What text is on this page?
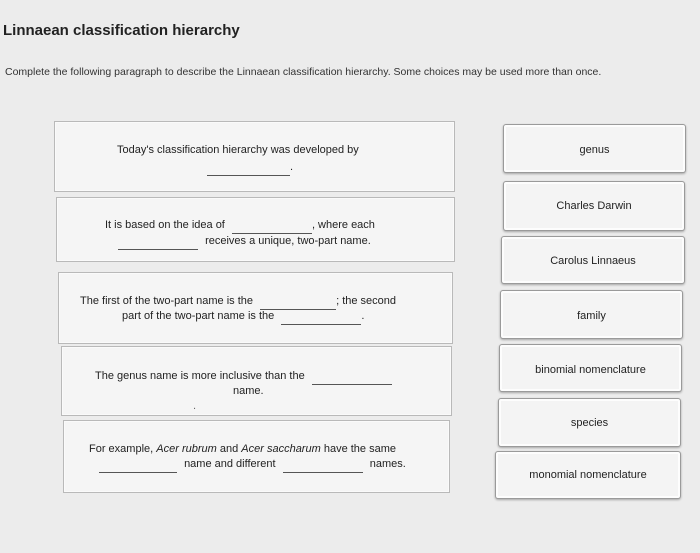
Linnaean classification hierarchy
Complete the following paragraph to describe the Linnaean classification hierarchy. Some choices may be used more than once.
Today's classification hierarchy was developed by
.
It is based on the idea of	, where each
receives a unique, two-part name.
The first of the two-part name is the	; the second
part of the two-part name is the	.
The genus name is more inclusive than the
name.
.
For example, Acer rubrum and Acer saccharum have the same
name and different	names.
genus
Charles Darwin
Carolus Linnaeus
family
binomial nomenclature
species
monomial nomenclature
